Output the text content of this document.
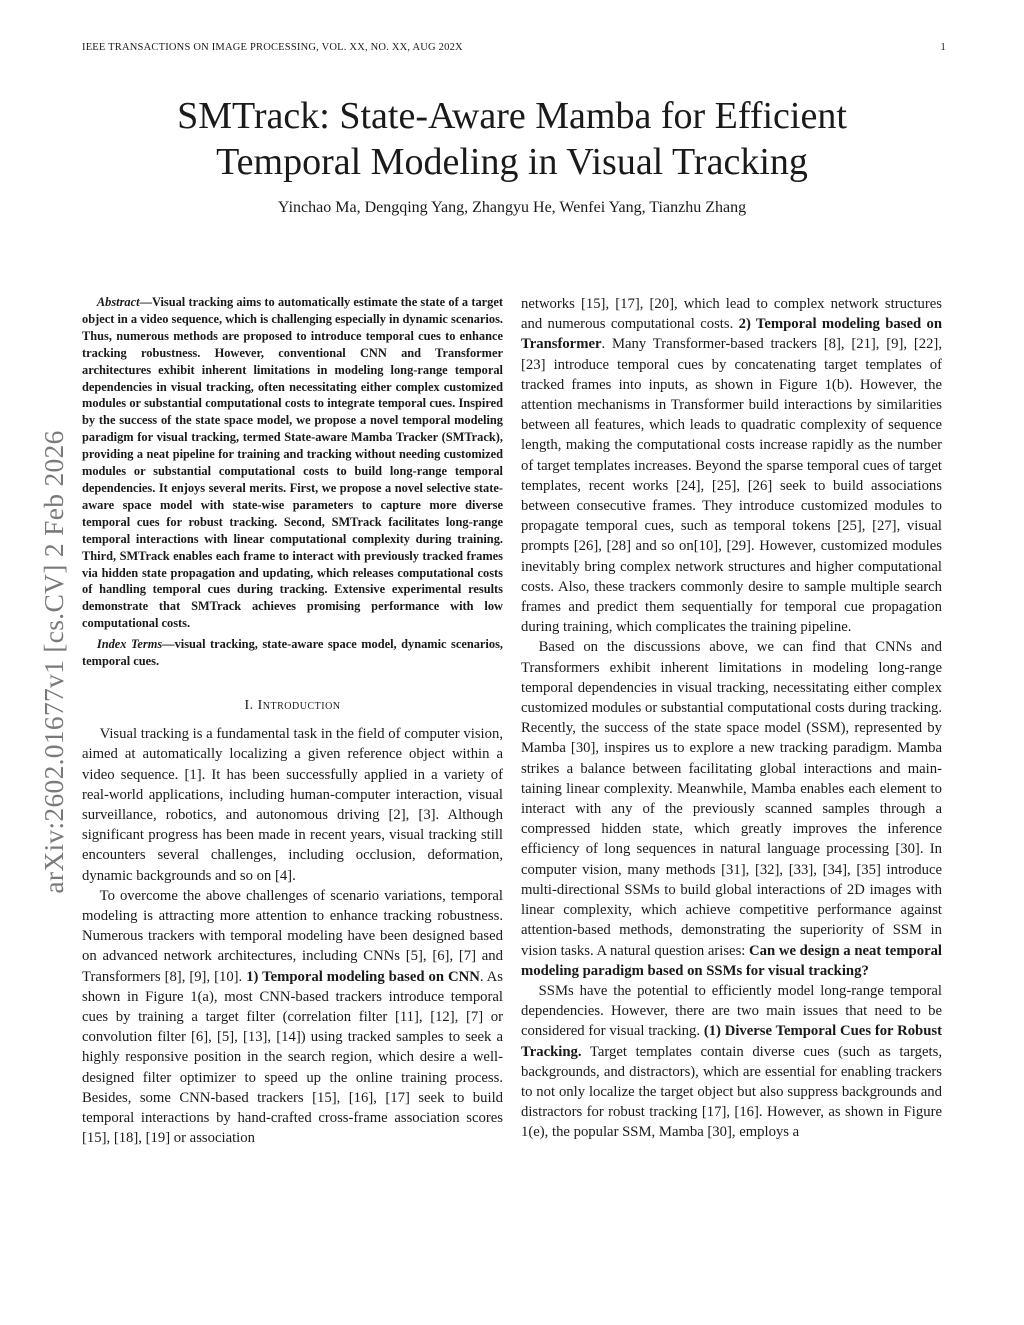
IEEE TRANSACTIONS ON IMAGE PROCESSING, VOL. XX, NO. XX, AUG 202X	1
SMTrack: State-Aware Mamba for Efficient
Temporal Modeling in Visual Tracking
Yinchao Ma, Dengqing Yang, Zhangyu He, Wenfei Yang, Tianzhu Zhang
arXiv:2602.01677v1 [cs.CV] 2 Feb 2026

Abstract—Visual tracking aims to automatically estimate the state of a target object in a video sequence, which is challenging especially in dynamic scenarios. Thus, numerous methods are proposed to introduce temporal cues to enhance tracking robustness. However, conventional CNN and Transformer architectures exhibit inherent limitations in modeling long-range temporal dependencies in visual tracking, often necessitating either complex customized modules or substantial computational costs to integrate temporal cues. Inspired by the success of the state space model, we propose a novel temporal modeling paradigm for visual tracking, termed State-aware Mamba Tracker (SMTrack), providing a neat pipeline for training and tracking without needing customized modules or substantial computational costs to build long-range temporal dependencies. It enjoys several merits. First, we propose a novel selective state-aware space model with state-wise parameters to capture more diverse temporal cues for robust tracking. Second, SMTrack facilitates long-range temporal interactions with linear computational complexity during training. Third, SMTrack enables each frame to interact with previously tracked frames via hidden state propagation and updating, which releases computational costs of handling temporal cues during tracking. Extensive experimental results demonstrate that SMTrack achieves promising performance with low computational costs.

Index Terms—visual tracking, state-aware space model, dynamic scenarios, temporal cues.

I. Introduction

Visual tracking is a fundamental task in the field of computer vision, aimed at automatically localizing a given reference object within a video sequence. [1]. It has been successfully applied in a variety of real-world applications, including human-computer interaction, visual surveillance, robotics, and autonomous driving [2], [3]. Although significant progress has been made in recent years, visual tracking still encounters several challenges, including occlusion, deformation, dynamic backgrounds and so on [4].

To overcome the above challenges of scenario variations, temporal modeling is attracting more attention to enhance tracking robustness. Numerous trackers with temporal modeling have been designed based on advanced network architectures, including CNNs [5], [6], [7] and Transformers [8], [9], [10]. 1) Temporal modeling based on CNN. As shown in Figure 1(a), most CNN-based trackers introduce temporal cues by training a target filter (correlation filter [11], [12], [7] or convolution filter [6], [5], [13], [14]) using tracked samples to seek a highly responsive position in the search region, which desire a well-designed filter optimizer to speed up the online training process. Besides, some CNN-based trackers [15], [16], [17] seek to build temporal interactions by hand-crafted cross-frame association scores [15], [18], [19] or association

networks [15], [17], [20], which lead to complex network structures and numerous computational costs. 2) Temporal modeling based on Transformer. Many Transformer-based trackers [8], [21], [9], [22], [23] introduce temporal cues by concatenating target templates of tracked frames into inputs, as shown in Figure 1(b). However, the attention mechanisms in Transformer build interactions by similarities between all features, which leads to quadratic complexity of sequence length, making the computational costs increase rapidly as the number of target templates increases. Beyond the sparse temporal cues of target templates, recent works [24], [25], [26] seek to build associations between consecutive frames. They introduce customized modules to propagate temporal cues, such as temporal tokens [25], [27], visual prompts [26], [28] and so on[10], [29]. However, customized modules inevitably bring complex network structures and higher computational costs. Also, these trackers commonly desire to sample multiple search frames and predict them sequentially for temporal cue propagation during training, which complicates the training pipeline.

Based on the discussions above, we can find that CNNs and Transformers exhibit inherent limitations in modeling long-range temporal dependencies in visual tracking, necessitating either complex customized modules or substantial computational costs during tracking. Recently, the success of the state space model (SSM), represented by Mamba [30], inspires us to explore a new tracking paradigm. Mamba strikes a balance between facilitating global interactions and maintaining linear complexity. Meanwhile, Mamba enables each element to interact with any of the previously scanned samples through a compressed hidden state, which greatly improves the inference efficiency of long sequences in natural language processing [30]. In computer vision, many methods [31], [32], [33], [34], [35] introduce multi-directional SSMs to build global interactions of 2D images with linear complexity, which achieve competitive performance against attention-based methods, demonstrating the superiority of SSM in vision tasks. A natural question arises: Can we design a neat temporal modeling paradigm based on SSMs for visual tracking?

SSMs have the potential to efficiently model long-range temporal dependencies. However, there are two main issues that need to be considered for visual tracking. (1) Diverse Temporal Cues for Robust Tracking. Target templates contain diverse cues (such as targets, backgrounds, and distractors), which are essential for enabling trackers to not only localize the target object but also suppress backgrounds and distractors for robust tracking [17], [16]. However, as shown in Figure 1(e), the popular SSM, Mamba [30], employs a
